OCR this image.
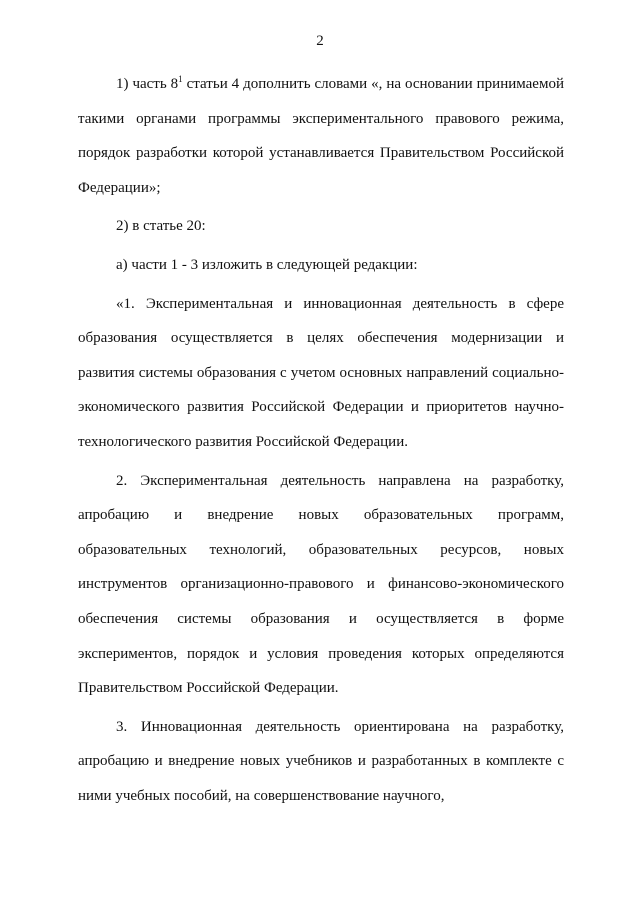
2

1) часть $8^1$ статьи 4 дополнить словами «, на основании принимаемой такими органами программы экспериментального правового режима, порядок разработки которой устанавливается Правительством Российской Федерации»;

2) в статье 20:

а) части 1 - 3 изложить в следующей редакции:

«1. Экспериментальная и инновационная деятельность в сфере образования осуществляется в целях обеспечения модернизации и развития системы образования с учетом основных направлений социально-экономического развития Российской Федерации и приоритетов научно-технологического развития Российской Федерации.

2. Экспериментальная деятельность направлена на разработку, апробацию и внедрение новых образовательных программ, образовательных технологий, образовательных ресурсов, новых инструментов организационно-правового и финансово-экономического обеспечения системы образования и осуществляется в форме экспериментов, порядок и условия проведения которых определяются Правительством Российской Федерации.

3. Инновационная деятельность ориентирована на разработку, апробацию и внедрение новых учебников и разработанных в комплекте с ними учебных пособий, на совершенствование научного,
